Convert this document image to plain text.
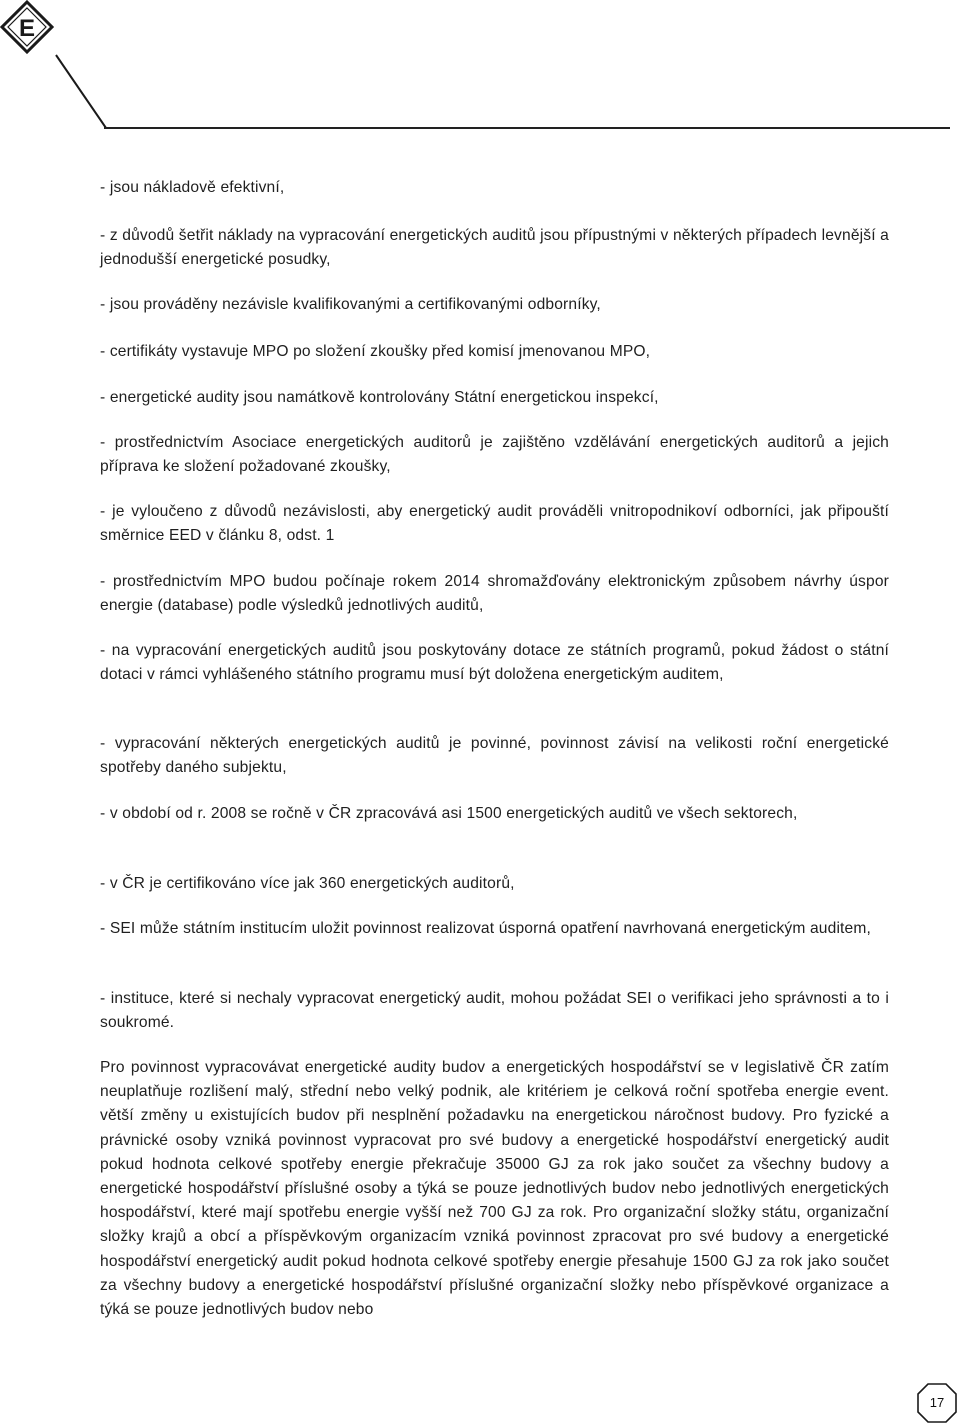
E

- jsou nákladově efektivní,

- z důvodů šetřit náklady na vypracování energetických auditů jsou přípustnými v některých případech levnější a jednodušší energetické posudky,

- jsou prováděny nezávisle kvalifikovanými a certifikovanými odborníky,

- certifikáty vystavuje MPO po složení zkoušky před komisí jmenovanou MPO,

- energetické audity jsou namátkově kontrolovány Státní energetickou inspekcí,

- prostřednictvím Asociace energetických auditorů je zajištěno vzdělávání energetických auditorů a jejich příprava ke složení požadované zkoušky,

- je vyloučeno z důvodů nezávislosti, aby energetický audit prováděli vnitropodnikoví odborníci, jak připouští směrnice EED v článku 8, odst. 1

- prostřednictvím MPO budou počínaje rokem 2014 shromažďovány elektronickým způsobem návrhy úspor energie (database) podle výsledků jednotlivých auditů,

- na vypracování energetických auditů jsou poskytovány dotace ze státních programů, pokud žádost o státní dotaci v rámci vyhlášeného státního programu musí být doložena energetickým auditem,

- vypracování některých energetických auditů je povinné, povinnost závisí na velikosti roční energetické spotřeby daného subjektu,

- v období od r. 2008 se ročně v ČR zpracovává asi 1500 energetických auditů ve všech sektorech,

- v ČR je certifikováno více jak 360 energetických auditorů,

- SEI může státním institucím uložit povinnost realizovat úsporná opatření navrhovaná energetickým auditem,

- instituce, které si nechaly vypracovat energetický audit, mohou požádat SEI o verifikaci jeho správnosti a to i soukromé.

Pro povinnost vypracovávat energetické audity budov a energetických hospodářství se v legislativě ČR zatím neuplatňuje rozlišení malý, střední nebo velký podnik, ale kritériem je celková roční spotřeba energie event. větší změny u existujících budov při nesplnění požadavku na energetickou náročnost budovy. Pro fyzické a právnické osoby vzniká povinnost vypracovat pro své budovy a energetické hospodářství energetický audit pokud hodnota celkové spotřeby energie překračuje 35000 GJ za rok jako součet za všechny budovy a energetické hospodářství příslušné osoby a týká se pouze jednotlivých budov nebo jednotlivých energetických hospodářství, které mají spotřebu energie vyšší než 700 GJ za rok. Pro organizační složky státu, organizační složky krajů a obcí a příspěvkovým organizacím vzniká povinnost zpracovat pro své budovy a energetické hospodářství energetický audit pokud hodnota celkové spotřeby energie přesahuje 1500 GJ za rok jako součet za všechny budovy a energetické hospodářství příslušné organizační složky nebo příspěvkové organizace a týká se pouze jednotlivých budov nebo

17
